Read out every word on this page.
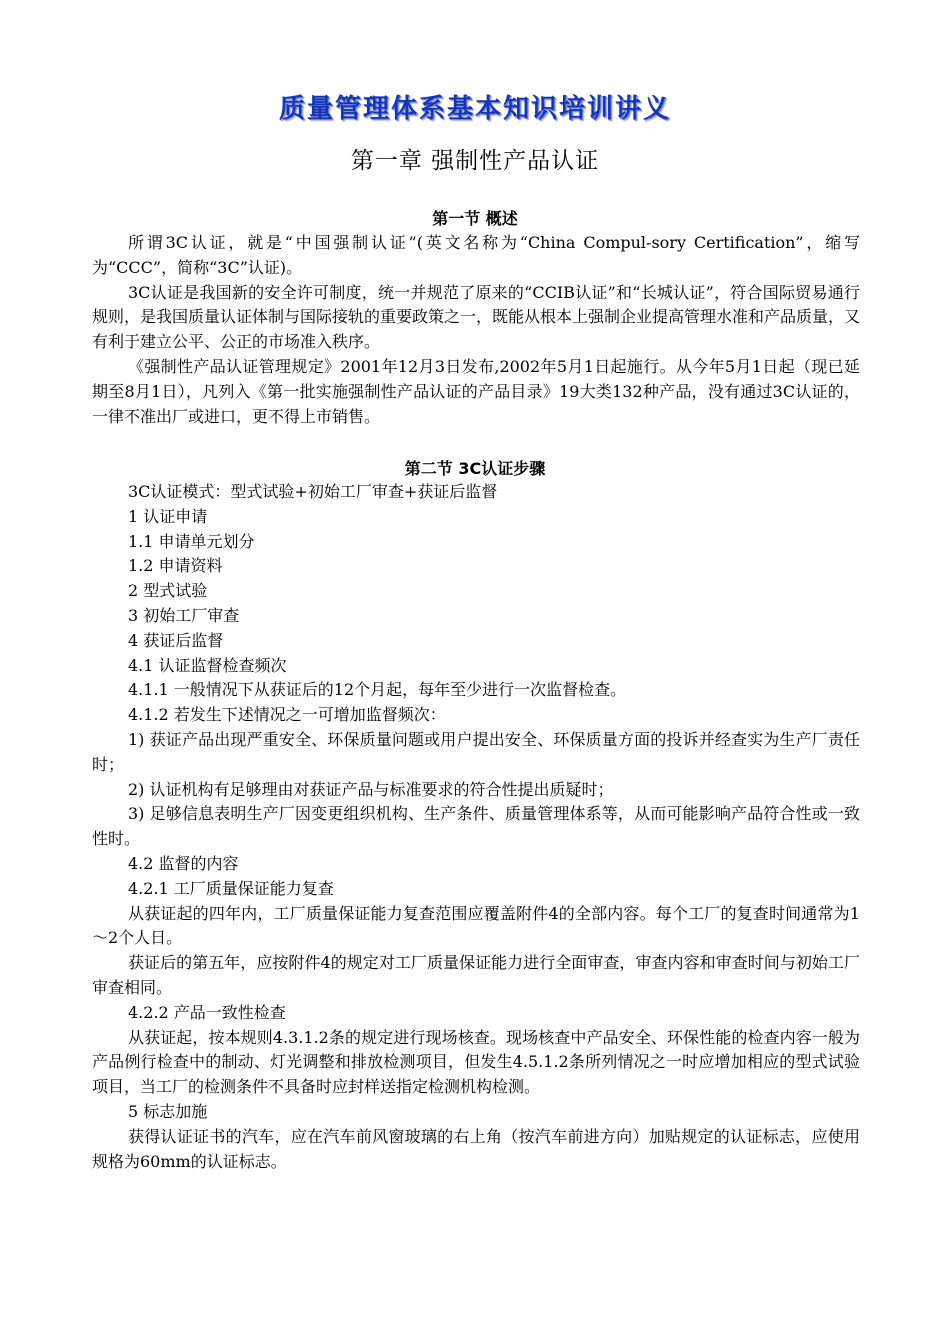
质量管理体系基本知识培训讲义
第一章 强制性产品认证
第一节 概述

所谓3C认证，就是“中国强制认证”(英文名称为“China Compul-sory Certification”，缩写为“CCC”，简称“3C”认证)。

3C认证是我国新的安全许可制度，统一并规范了原来的“CCIB认证”和“长城认证”，符合国际贸易通行规则，是我国质量认证体制与国际接轨的重要政策之一，既能从根本上强制企业提高管理水准和产品质量，又有利于建立公平、公正的市场准入秩序。

《强制性产品认证管理规定》2001年12月3日发布,2002年5月1日起施行。从今年5月1日起（现已延期至8月1日），凡列入《第一批实施强制性产品认证的产品目录》19大类132种产品，没有通过3C认证的，一律不准出厂或进口，更不得上市销售。

第二节 3C认证步骤

3C认证模式：型式试验+初始工厂审查+获证后监督

1 认证申请

1.1 申请单元划分

1.2 申请资料

2 型式试验

3 初始工厂审查

4 获证后监督

4.1 认证监督检查频次

4.1.1 一般情况下从获证后的12个月起，每年至少进行一次监督检查。

4.1.2 若发生下述情况之一可增加监督频次：

1) 获证产品出现严重安全、环保质量问题或用户提出安全、环保质量方面的投诉并经查实为生产厂责任时；

2) 认证机构有足够理由对获证产品与标准要求的符合性提出质疑时；

3) 足够信息表明生产厂因变更组织机构、生产条件、质量管理体系等，从而可能影响产品符合性或一致性时。

4.2 监督的内容

4.2.1 工厂质量保证能力复查

从获证起的四年内，工厂质量保证能力复查范围应覆盖附件4的全部内容。每个工厂的复查时间通常为1～2个人日。

获证后的第五年，应按附件4的规定对工厂质量保证能力进行全面审查，审查内容和审查时间与初始工厂审查相同。

4.2.2 产品一致性检查

从获证起，按本规则4.3.1.2条的规定进行现场核查。现场核查中产品安全、环保性能的检查内容一般为产品例行检查中的制动、灯光调整和排放检测项目，但发生4.5.1.2条所列情况之一时应增加相应的型式试验项目，当工厂的检测条件不具备时应封样送指定检测机构检测。

5 标志加施

获得认证证书的汽车，应在汽车前风窗玻璃的右上角（按汽车前进方向）加贴规定的认证标志，应使用规格为60mm的认证标志。
